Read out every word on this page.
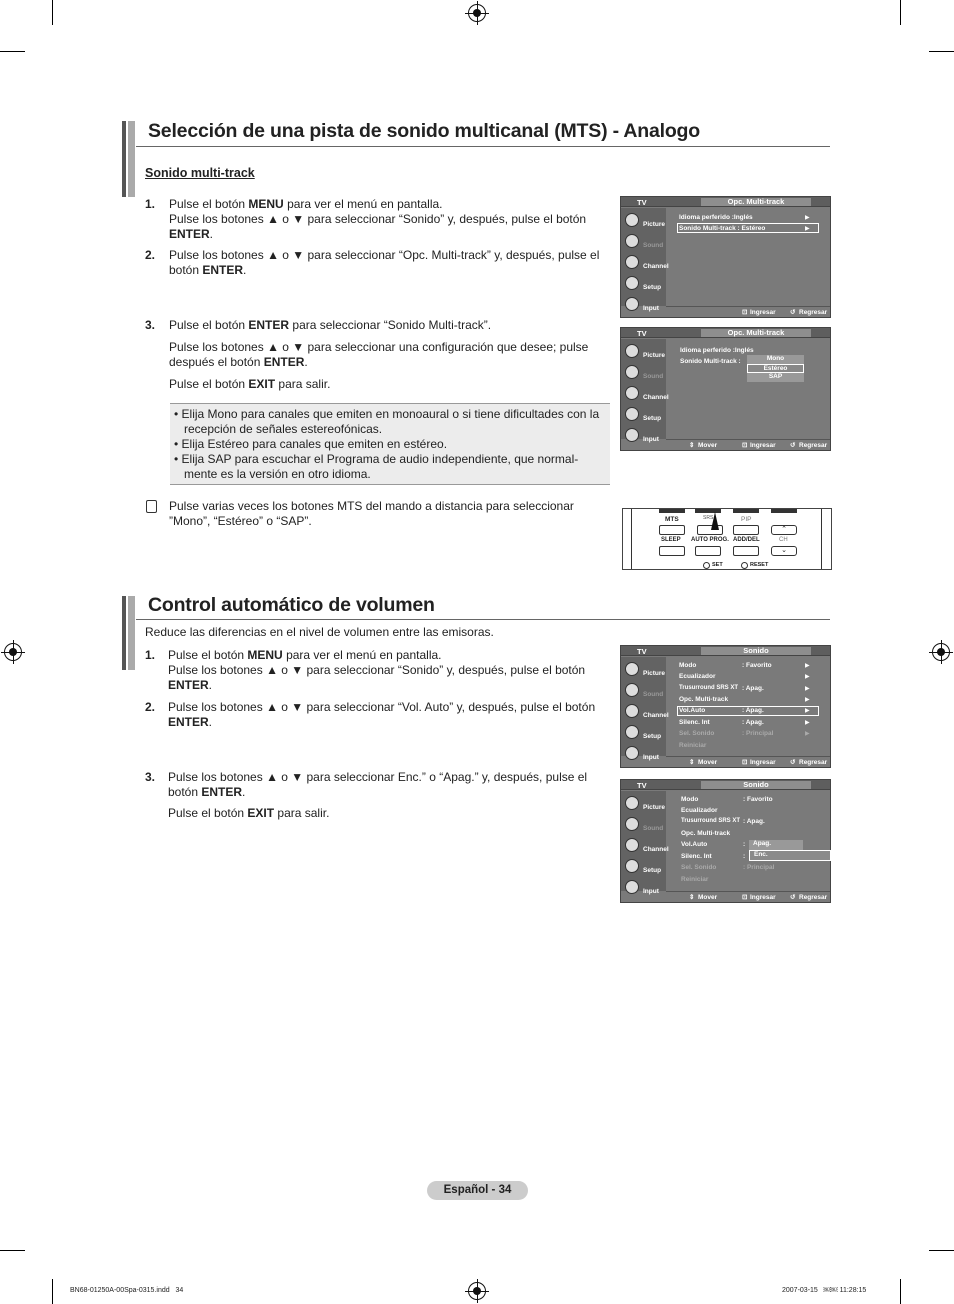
Selección de una pista de sonido multicanal (MTS) - Analogo
Sonido multi-track
1. Pulse el botón MENU para ver el menú en pantalla.
Pulse los botones ▲ o ▼ para seleccionar “Sonido” y, después, pulse el botón
ENTER.
2. Pulse los botones ▲ o ▼ para seleccionar “Opc. Multi-track” y, después, pulse el
botón ENTER.
3. Pulse el botón ENTER para seleccionar “Sonido Multi-track”.
Pulse los botones ▲ o ▼ para seleccionar una configuración que desee; pulse
después el botón ENTER.
Pulse el botón EXIT para salir.
• Elija Mono para canales que emiten en monoaural o si tiene dificultades con la
recepción de señales estereofónicas.
• Elija Estéreo para canales que emiten en estéreo.
• Elija SAP para escuchar el Programa de audio independiente, que normal-
mente es la versión en otro idioma.
Pulse varias veces los botones MTS del mando a distancia para seleccionar
”Mono”, “Estéreo” o “SAP”.
TV	Opc. Multi-track
Picture
Sound
Channel
Setup
Input
Idioma perferido :Inglés	▶
Sonido Multi-track : Estéreo	▶
⊡ Ingresar ↺ Regresar
TV	Opc. Multi-track
Picture
Sound
Channel
Setup
Input
Idioma perferido :Inglés
Sonido Multi-track :	Mono
Estéreo
SAP
⇕ Mover	⊡ Ingresar ↺ Regresar
MTS	SRS	PIP
⌃
SLEEP AUTO PROG. ADD/DEL	CH
⌄
SET	RESET
Control automático de volumen
Reduce las diferencias en el nivel de volumen entre las emisoras.
1. Pulse el botón MENU para ver el menú en pantalla.
Pulse los botones ▲ o ▼ para seleccionar “Sonido” y, después, pulse el botón
ENTER.
2. Pulse los botones ▲ o ▼ para seleccionar “Vol. Auto” y, después, pulse el botón
ENTER.
3. Pulse los botones ▲ o ▼ para seleccionar Enc.” o “Apag.” y, después, pulse el
botón ENTER.
Pulse el botón EXIT para salir.
TV	Sonido
Picture
Sound
Channel
Setup
Input
Modo	: Favorito	▶
Ecualizador	▶
Trusurround SRS XT : Apag.	▶
Opc. Multi-track	▶
Vol.Auto	: Apag.	▶
Silenc. Int	: Apag.	▶
Sel. Sonido	: Principal	▶
Reiniciar
⇕ Mover	⊡ Ingresar ↺ Regresar
TV	Sonido
Picture
Sound
Channel
Setup
Input
Modo	: Favorito
Ecualizador
Trusurround SRS XT : Apag.
Opc. Multi-track
Vol.Auto	:
Silenc. Int	:
Sel. Sonido	: Principal
Reiniciar
Apag.
Enc.
⇕ Mover	⊡ Ingresar ↺ Regresar
Español - 34
BN68-01250A-00Spa-0315.indd   34	2007-03-15   ￼￼ 11:28:15
